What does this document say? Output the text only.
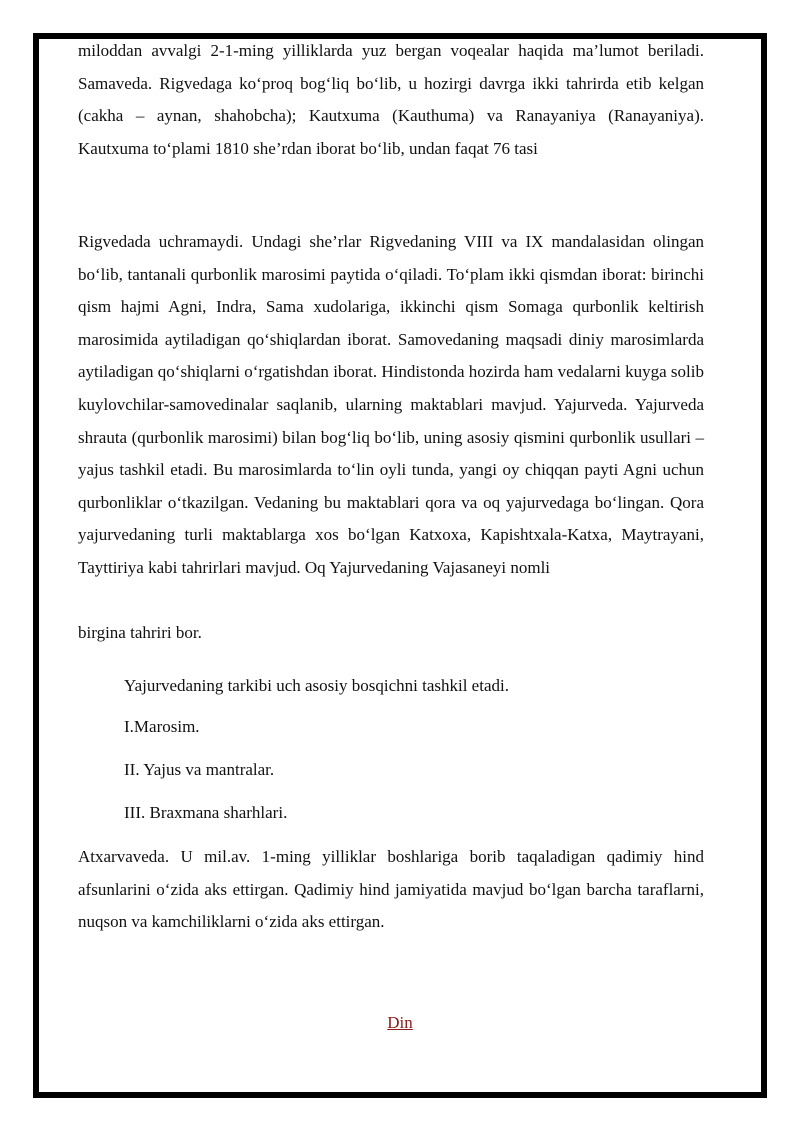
miloddan avvalgi 2-1-ming yilliklarda yuz bergan voqealar haqida ma’lumot beriladi. Samaveda. Rigvedaga ko‘proq bog‘liq bo‘lib, u hozirgi davrga ikki tahrirda etib kelgan (cakha – aynan, shahobcha); Kautxuma (Kauthuma) va Ranayaniya (Ranayaniya). Kautxuma to‘plami 1810 she’rdan iborat bo‘lib, undan faqat 76 tasi

Rigvedada uchramaydi. Undagi she’rlar Rigvedaning VIII va IX mandalasidan olingan bo‘lib, tantanali qurbonlik marosimi paytida o‘qiladi. To‘plam ikki qismdan iborat: birinchi qism hajmi Agni, Indra, Sama xudolariga, ikkinchi qism Somaga qurbonlik keltirish marosimida aytiladigan qo‘shiqlardan iborat. Samovedaning maqsadi diniy marosimlarda aytiladigan qo‘shiqlarni o‘rgatishdan iborat. Hindistonda hozirda ham vedalarni kuyga solib kuylovchilar-samovedinalar saqlanib, ularning maktablari mavjud. Yajurveda. Yajurveda shrauta (qurbonlik marosimi) bilan bog‘liq bo‘lib, uning asosiy qismini qurbonlik usullari – yajus tashkil etadi. Bu marosimlarda to‘lin oyli tunda, yangi oy chiqqan payti Agni uchun qurbonliklar o‘tkazilgan. Vedaning bu maktablari qora va oq yajurvedaga bo‘lingan. Qora yajurvedaning turli maktablarga xos bo‘lgan Katxoxa, Kapishtxala-Katxa, Maytrayani, Tayttiriya kabi tahrirlari mavjud. Oq Yajurvedaning Vajasaneyi nomli

birgina tahriri bor.

Yajurvedaning tarkibi uch asosiy bosqichni tashkil etadi.

I.Marosim.

II. Yajus va mantralar.

III. Braxmana sharhlari.

Atxarvaveda. U mil.av. 1-ming yilliklar boshlariga borib taqaladigan qadimiy hind afsunlarini o‘zida aks ettirgan. Qadimiy hind jamiyatida mavjud bo‘lgan barcha taraflarni, nuqson va kamchiliklarni o‘zida aks ettirgan.

Din
